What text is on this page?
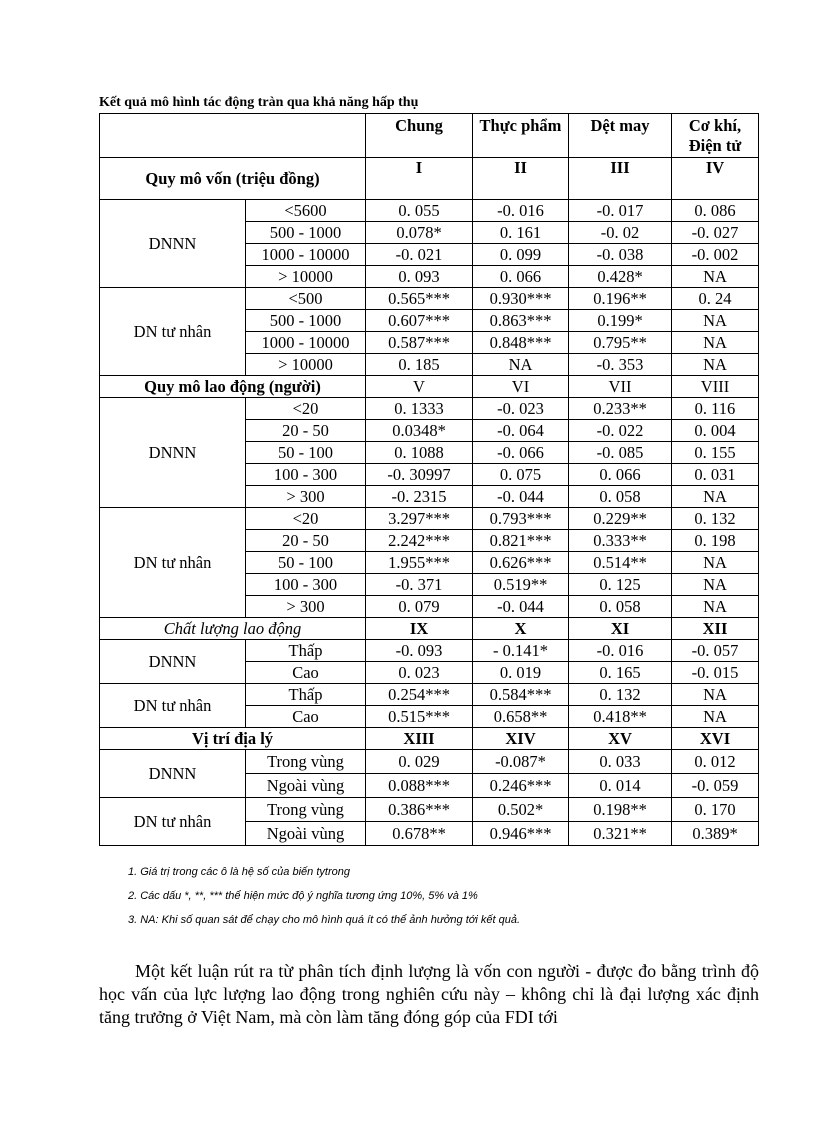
Kết quả mô hình tác động tràn qua khả năng hấp thụ
		Chung	Thực phẩm	Dệt may	Cơ khí, Điện tử
Quy mô vốn (triệu đồng)		I	II	III	IV
DNNN	<5600	0. 055	-0. 016	-0. 017	0. 086
	500 - 1000	0.078*	0. 161	-0. 02	-0. 027
	1000 - 10000	-0. 021	0. 099	-0. 038	-0. 002
	> 10000	0. 093	0. 066	0.428*	NA
DN tư nhân	<500	0.565***	0.930***	0.196**	0. 24
	500 - 1000	0.607***	0.863***	0.199*	NA
	1000 - 10000	0.587***	0.848***	0.795**	NA
	> 10000	0. 185	NA	-0. 353	NA
Quy mô lao động (người)		V	VI	VII	VIII
DNNN	<20	0. 1333	-0. 023	0.233**	0. 116
	20 - 50	0.0348*	-0. 064	-0. 022	0. 004
	50 - 100	0. 1088	-0. 066	-0. 085	0. 155
	100 - 300	-0. 30997	0. 075	0. 066	0. 031
	> 300	-0. 2315	-0. 044	0. 058	NA
DN tư nhân	<20	3.297***	0.793***	0.229**	0. 132
	20 - 50	2.242***	0.821***	0.333**	0. 198
	50 - 100	1.955***	0.626***	0.514**	NA
	100 - 300	-0. 371	0.519**	0. 125	NA
	> 300	0. 079	-0. 044	0. 058	NA
Chất lượng lao động		IX	X	XI	XII
DNNN	Thấp	-0. 093	- 0.141*	-0. 016	-0. 057
	Cao	0. 023	0. 019	0. 165	-0. 015
DN tư nhân	Thấp	0.254***	0.584***	0. 132	NA
	Cao	0.515***	0.658**	0.418**	NA
Vị trí địa lý		XIII	XIV	XV	XVI
DNNN	Trong vùng	0. 029	-0.087*	0. 033	0. 012
	Ngoài vùng	0.088***	0.246***	0. 014	-0. 059
DN tư nhân	Trong vùng	0.386***	0.502*	0.198**	0. 170
	Ngoài vùng	0.678**	0.946***	0.321**	0.389*
1. Giá trị trong các ô là hệ số của biến tytrong
2. Các dấu *, **, *** thể hiện mức độ ý nghĩa tương ứng 10%, 5% và 1%
3. NA: Khi số quan sát để chạy cho mô hình quá ít có thể ảnh hưởng tới kết quả.

Một kết luận rút ra từ phân tích định lượng là vốn con người - được đo bằng trình độ học vấn của lực lượng lao động trong nghiên cứu này – không chỉ là đại lượng xác định tăng trưởng ở Việt Nam, mà còn làm tăng đóng góp của FDI tới
